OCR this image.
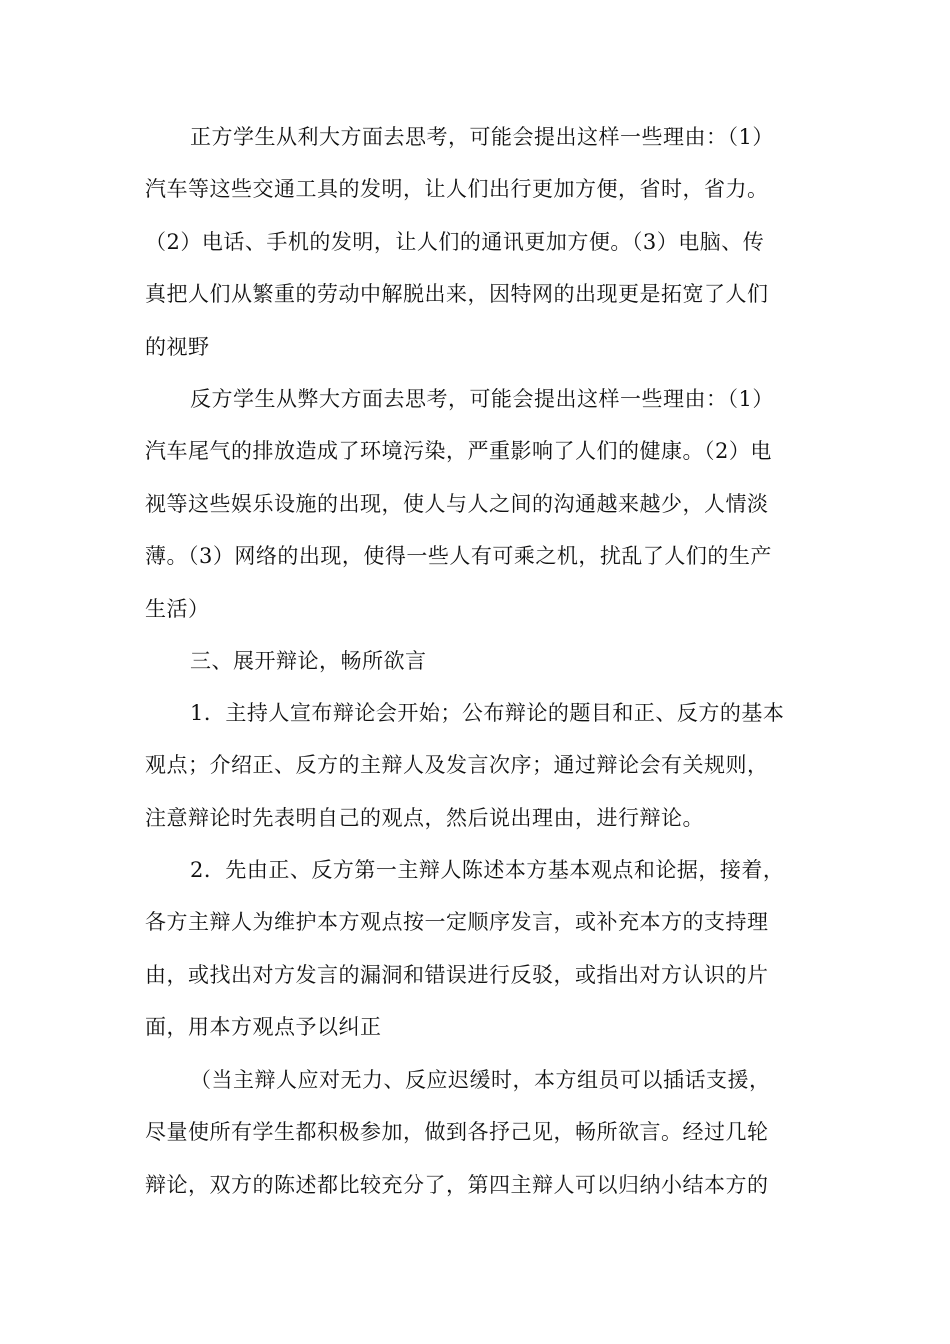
正方学生从利大方面去思考，可能会提出这样一些理由：（1）
汽车等这些交通工具的发明，让人们出行更加方便，省时，省力。
（2）电话、手机的发明，让人们的通讯更加方便。（3）电脑、传
真把人们从繁重的劳动中解脱出来，因特网的出现更是拓宽了人们
的视野
反方学生从弊大方面去思考，可能会提出这样一些理由：（1）
汽车尾气的排放造成了环境污染，严重影响了人们的健康。（2）电
视等这些娱乐设施的出现，使人与人之间的沟通越来越少，人情淡
薄。（3）网络的出现，使得一些人有可乘之机，扰乱了人们的生产
生活）
三、展开辩论，畅所欲言
1．主持人宣布辩论会开始；公布辩论的题目和正、反方的基本
观点；介绍正、反方的主辩人及发言次序；通过辩论会有关规则，
注意辩论时先表明自己的观点，然后说出理由，进行辩论。
2．先由正、反方第一主辩人陈述本方基本观点和论据，接着，
各方主辩人为维护本方观点按一定顺序发言，或补充本方的支持理
由，或找出对方发言的漏洞和错误进行反驳，或指出对方认识的片
面，用本方观点予以纠正
（当主辩人应对无力、反应迟缓时，本方组员可以插话支援，
尽量使所有学生都积极参加，做到各抒己见，畅所欲言。经过几轮
辩论，双方的陈述都比较充分了，第四主辩人可以归纳小结本方的
